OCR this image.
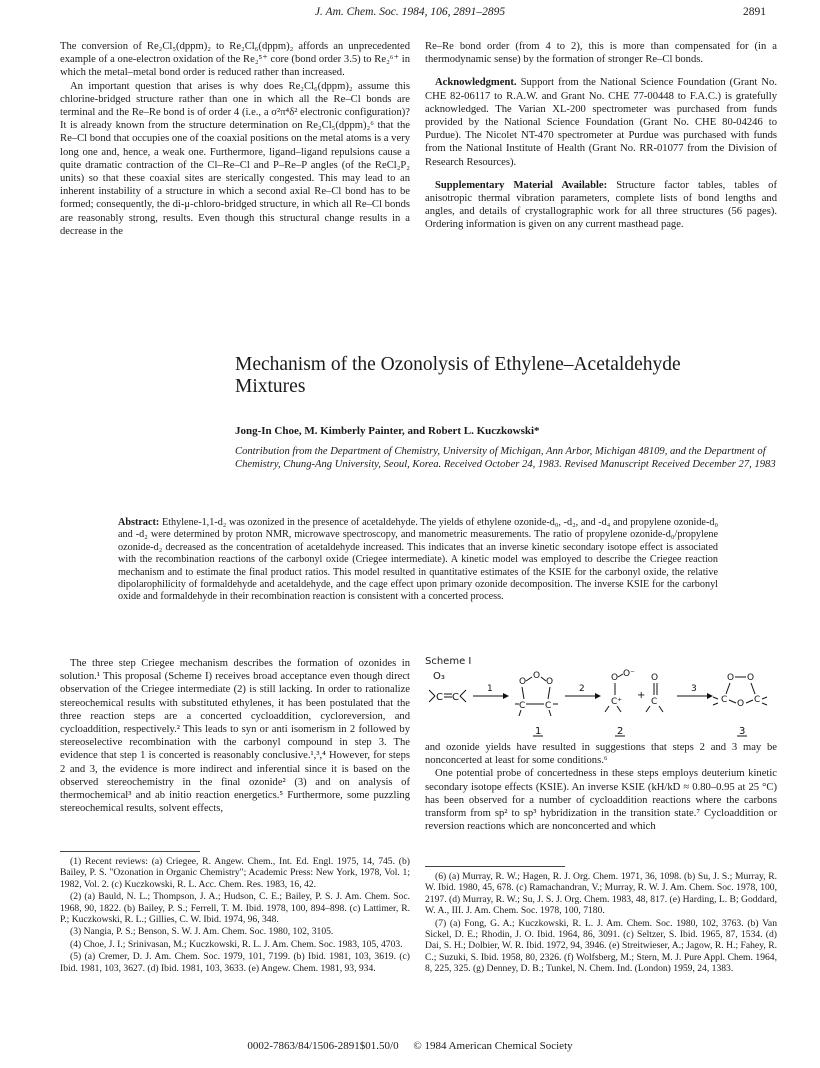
J. Am. Chem. Soc. 1984, 106, 2891–2895	2891

The conversion of Re₂Cl₅(dppm)₂ to Re₂Cl₆(dppm)₂ affords an unprecedented example of a one-electron oxidation of the Re₂⁵⁺ core (bond order 3.5) to Re₂⁶⁺ in which the metal–metal bond order is reduced rather than increased.

An important question that arises is why does Re₂Cl₆(dppm)₂ assume this chlorine-bridged structure rather than one in which all the Re–Cl bonds are terminal and the Re–Re bond is of order 4 (i.e., a σ²π⁴δ² electronic configuration)? It is already known from the structure determination on Re₂Cl₅(dppm)₂⁶ that the Re–Cl bond that occupies one of the coaxial positions on the metal atoms is a very long one and, hence, a weak one. Furthermore, ligand–ligand repulsions cause a quite dramatic contraction of the Cl–Re–Cl and P–Re–P angles (of the ReCl₂P₂ units) so that these coaxial sites are sterically congested. This may lead to an inherent instability of a structure in which a second axial Re–Cl bond has to be formed; consequently, the di-μ-chloro-bridged structure, in which all Re–Cl bonds are reasonably strong, results. Even though this structural change results in a decrease in the

Re–Re bond order (from 4 to 2), this is more than compensated for (in a thermodynamic sense) by the formation of stronger Re–Cl bonds.

Acknowledgment. Support from the National Science Foundation (Grant No. CHE 82-06117 to R.A.W. and Grant No. CHE 77-00448 to F.A.C.) is gratefully acknowledged. The Varian XL-200 spectrometer was purchased from funds provided by the National Science Foundation (Grant No. CHE 80-04246 to Purdue). The Nicolet NT-470 spectrometer at Purdue was purchased with funds from the National Institute of Health (Grant No. RR-01077 from the Division of Research Resources).

Supplementary Material Available: Structure factor tables, tables of anisotropic thermal vibration parameters, complete lists of bond lengths and angles, and details of crystallographic work for all three structures (56 pages). Ordering information is given on any current masthead page.

Mechanism of the Ozonolysis of Ethylene–Acetaldehyde Mixtures
Jong-In Choe, M. Kimberly Painter, and Robert L. Kuczkowski*
Contribution from the Department of Chemistry, University of Michigan, Ann Arbor, Michigan 48109, and the Department of Chemistry, Chung-Ang University, Seoul, Korea. Received October 24, 1983. Revised Manuscript Received December 27, 1983
Abstract: Ethylene-1,1-d₂ was ozonized in the presence of acetaldehyde. The yields of ethylene ozonide-d₀, -d₂, and -d₄ and propylene ozonide-d₀ and -d₂ were determined by proton NMR, microwave spectroscopy, and manometric measurements. The ratio of propylene ozonide-d₀/propylene ozonide-d₂ decreased as the concentration of acetaldehyde increased. This indicates that an inverse kinetic secondary isotope effect is associated with the recombination reactions of the carbonyl oxide (Criegee intermediate). A kinetic model was employed to describe the Criegee reaction mechanism and to estimate the final product ratios. This model resulted in quantitative estimates of the KSIE for the carbonyl oxide, the relative dipolarophilicity of formaldehyde and acetaldehyde, and the cage effect upon primary ozonide decomposition. The inverse KSIE for the carbonyl oxide and formaldehyde in their recombination reaction is consistent with a concerted process.

The three step Criegee mechanism describes the formation of ozonides in solution.¹ This proposal (Scheme I) receives broad acceptance even though direct observation of the Criegee intermediate (2) is still lacking. In order to rationalize stereochemical results with substituted ethylenes, it has been postulated that the three reaction steps are a concerted cycloaddition, cycloreversion, and cycloaddition, respectively.² This leads to syn or anti isomerism in 2 followed by stereoselective recombination with the carbonyl compound in step 3. The evidence that step 1 is concerted is reasonably conclusive.¹,³,⁴ However, for steps 2 and 3, the evidence is more indirect and inferential since it is based on the observed stereochemistry in the final ozonide² (3) and on analysis of thermochemical³ and ab initio reaction energetics.⁵ Furthermore, some puzzling stereochemical results, solvent effects,

Scheme I
O₃
C C
1
O
O
O
C C
2
O O⁻
C⁺
+
O
C
3
O O
C O C
1	2	3

and ozonide yields have resulted in suggestions that steps 2 and 3 may be nonconcerted at least for some conditions.⁶

One potential probe of concertedness in these steps employs deuterium kinetic secondary isotope effects (KSIE). An inverse KSIE (kH/kD ≈ 0.80–0.95 at 25 °C) has been observed for a number of cycloaddition reactions where the carbons transform from sp² to sp³ hybridization in the transition state.⁷ Cycloaddition or reversion reactions which are nonconcerted and which

(1) Recent reviews: (a) Criegee, R. Angew. Chem., Int. Ed. Engl. 1975, 14, 745. (b) Bailey, P. S. "Ozonation in Organic Chemistry"; Academic Press: New York, 1978, Vol. 1; 1982, Vol. 2. (c) Kuczkowski, R. L. Acc. Chem. Res. 1983, 16, 42.

(2) (a) Bauld, N. L.; Thompson, J. A.; Hudson, C. E.; Bailey, P. S. J. Am. Chem. Soc. 1968, 90, 1822. (b) Bailey, P. S.; Ferrell, T. M. Ibid. 1978, 100, 894–898. (c) Lattimer, R. P.; Kuczkowski, R. L.; Gillies, C. W. Ibid. 1974, 96, 348.

(3) Nangia, P. S.; Benson, S. W. J. Am. Chem. Soc. 1980, 102, 3105.

(4) Choe, J. I.; Srinivasan, M.; Kuczkowski, R. L. J. Am. Chem. Soc. 1983, 105, 4703.

(5) (a) Cremer, D. J. Am. Chem. Soc. 1979, 101, 7199. (b) Ibid. 1981, 103, 3619. (c) Ibid. 1981, 103, 3627. (d) Ibid. 1981, 103, 3633. (e) Angew. Chem. 1981, 93, 934.

(6) (a) Murray, R. W.; Hagen, R. J. Org. Chem. 1971, 36, 1098. (b) Su, J. S.; Murray, R. W. Ibid. 1980, 45, 678. (c) Ramachandran, V.; Murray, R. W. J. Am. Chem. Soc. 1978, 100, 2197. (d) Murray, R. W.; Su, J. S. J. Org. Chem. 1983, 48, 817. (e) Harding, L. B; Goddard, W. A., III. J. Am. Chem. Soc. 1978, 100, 7180.

(7) (a) Fong, G. A.; Kuczkowski, R. L. J. Am. Chem. Soc. 1980, 102, 3763. (b) Van Sickel, D. E.; Rhodin, J. O. Ibid. 1964, 86, 3091. (c) Seltzer, S. Ibid. 1965, 87, 1534. (d) Dai, S. H.; Dolbier, W. R. Ibid. 1972, 94, 3946. (e) Streitwieser, A.; Jagow, R. H.; Fahey, R. C.; Suzuki, S. Ibid. 1958, 80, 2326. (f) Wolfsberg, M.; Stern, M. J. Pure Appl. Chem. 1964, 8, 225, 325. (g) Denney, D. B.; Tunkel, N. Chem. Ind. (London) 1959, 24, 1383.

0002-7863/84/1506-2891$01.50/0 © 1984 American Chemical Society
